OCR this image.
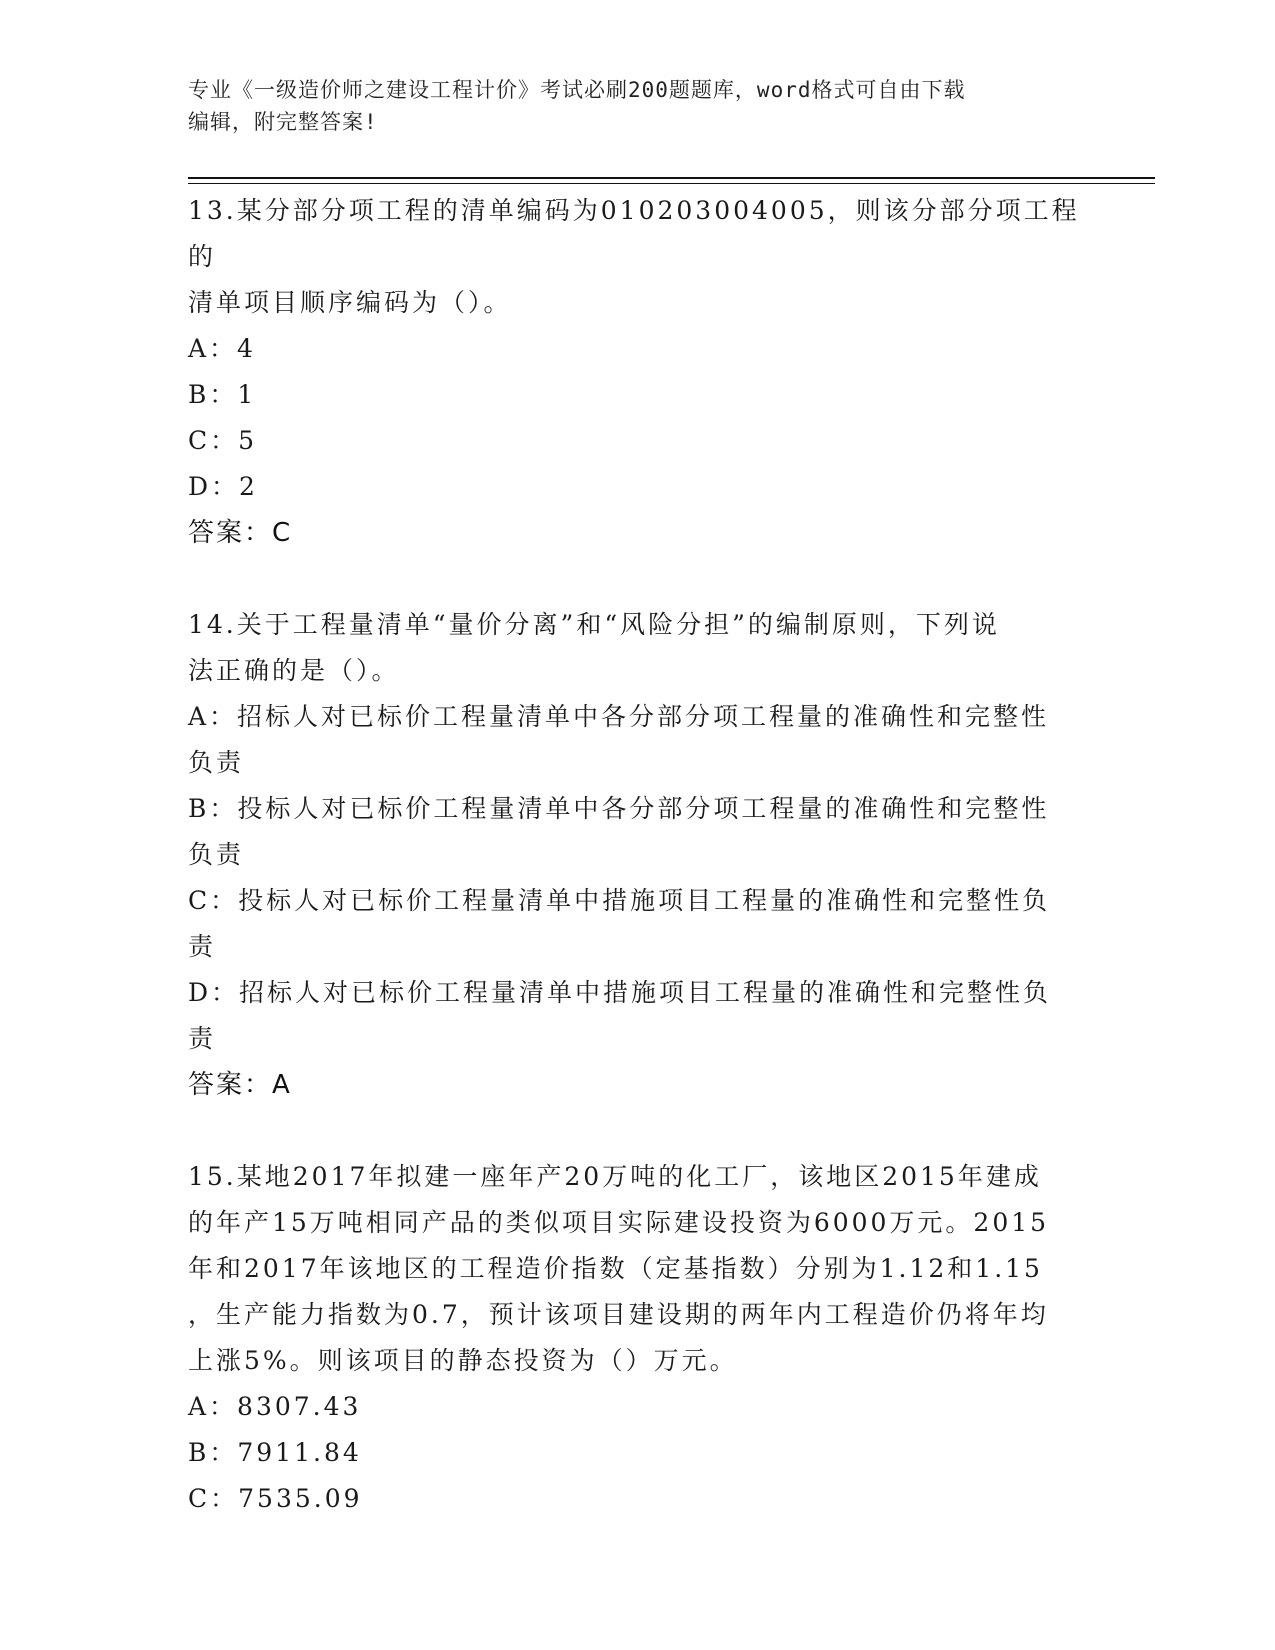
专业《一级造价师之建设工程计价》考试必刷200题题库，word格式可自由下载
编辑，附完整答案!

13.某分部分项工程的清单编码为010203004005，则该分部分项工程的

清单项目顺序编码为（）。

A：4

B：1

C：5

D：2

答案：C

14.关于工程量清单“量价分离”和“风险分担”的编制原则，下列说

法正确的是（）。

A：招标人对已标价工程量清单中各分部分项工程量的准确性和完整性

负责

B：投标人对已标价工程量清单中各分部分项工程量的准确性和完整性

负责

C：投标人对已标价工程量清单中措施项目工程量的准确性和完整性负

责

D：招标人对已标价工程量清单中措施项目工程量的准确性和完整性负

责

答案：A

15.某地2017年拟建一座年产20万吨的化工厂，该地区2015年建成

的年产15万吨相同产品的类似项目实际建设投资为6000万元。2015

年和2017年该地区的工程造价指数（定基指数）分别为1.12和1.15

，生产能力指数为0.7，预计该项目建设期的两年内工程造价仍将年均

上涨5%。则该项目的静态投资为（）万元。

A：8307.43

B：7911.84

C：7535.09
